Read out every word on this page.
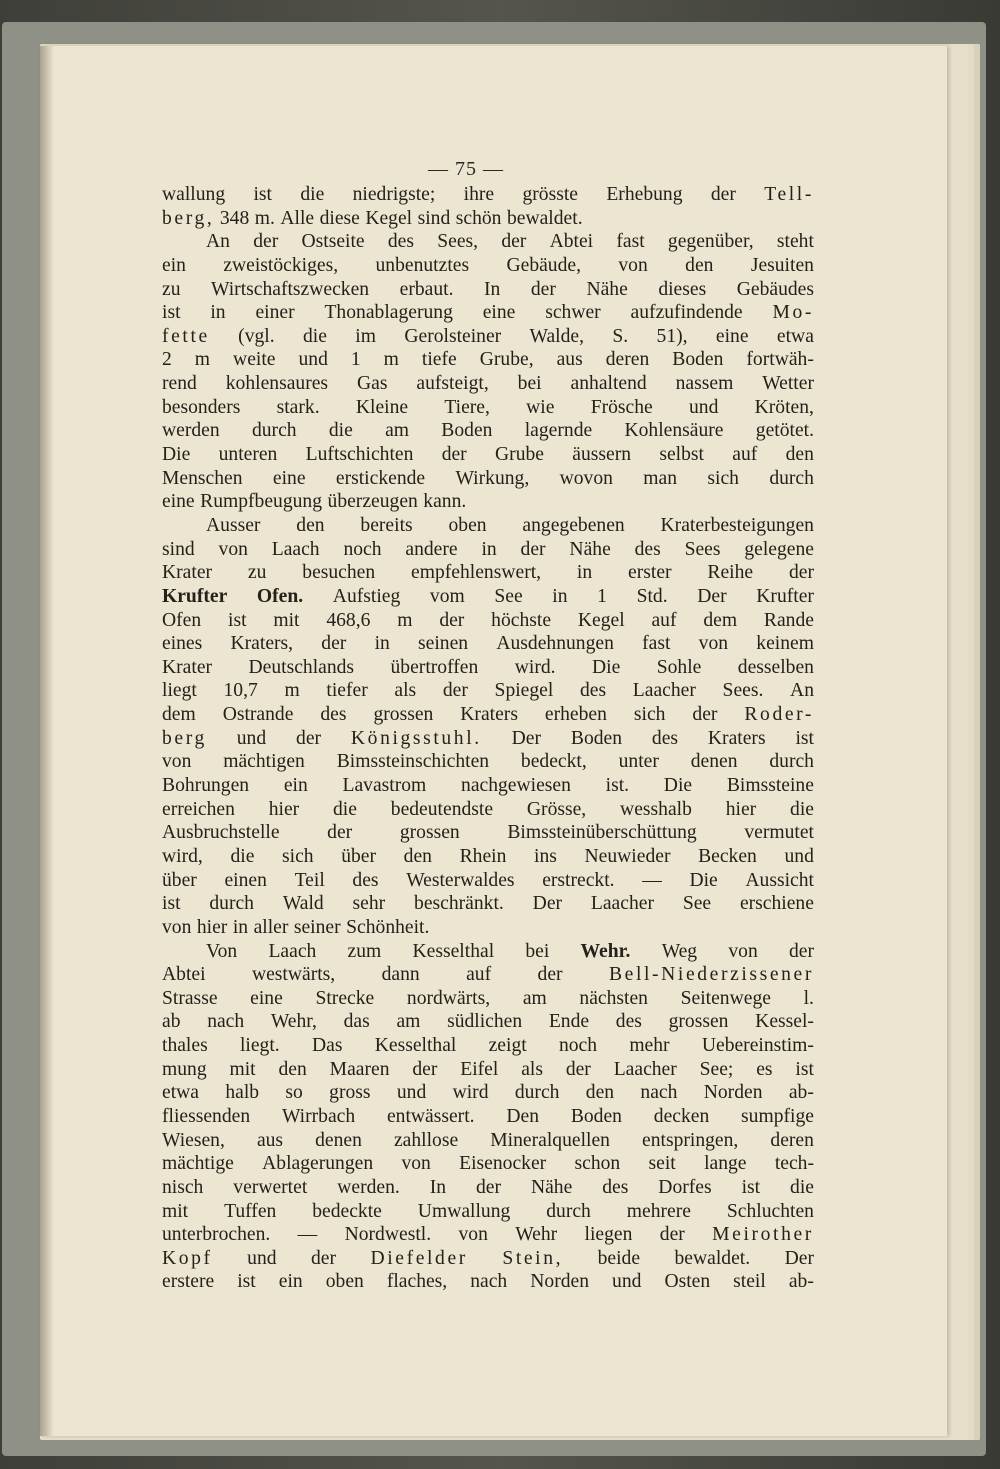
— 75 —
wallung ist die niedrigste; ihre grösste Erhebung der Tell-
berg, 348 m. Alle diese Kegel sind schön bewaldet.
An der Ostseite des Sees, der Abtei fast gegenüber, steht
ein zweistöckiges, unbenutztes Gebäude, von den Jesuiten
zu Wirtschaftszwecken erbaut. In der Nähe dieses Gebäudes
ist in einer Thonablagerung eine schwer aufzufindende Mo-
fette (vgl. die im Gerolsteiner Walde, S. 51), eine etwa
2 m weite und 1 m tiefe Grube, aus deren Boden fortwäh-
rend kohlensaures Gas aufsteigt, bei anhaltend nassem Wetter
besonders stark. Kleine Tiere, wie Frösche und Kröten,
werden durch die am Boden lagernde Kohlensäure getötet.
Die unteren Luftschichten der Grube äussern selbst auf den
Menschen eine erstickende Wirkung, wovon man sich durch
eine Rumpfbeugung überzeugen kann.
Ausser den bereits oben angegebenen Kraterbesteigungen
sind von Laach noch andere in der Nähe des Sees gelegene
Krater zu besuchen empfehlenswert, in erster Reihe der
Krufter Ofen. Aufstieg vom See in 1 Std. Der Krufter
Ofen ist mit 468,6 m der höchste Kegel auf dem Rande
eines Kraters, der in seinen Ausdehnungen fast von keinem
Krater Deutschlands übertroffen wird. Die Sohle desselben
liegt 10,7 m tiefer als der Spiegel des Laacher Sees. An
dem Ostrande des grossen Kraters erheben sich der Roder-
berg und der Königsstuhl. Der Boden des Kraters ist
von mächtigen Bimssteinschichten bedeckt, unter denen durch
Bohrungen ein Lavastrom nachgewiesen ist. Die Bimssteine
erreichen hier die bedeutendste Grösse, wesshalb hier die
Ausbruchstelle der grossen Bimssteinüberschüttung vermutet
wird, die sich über den Rhein ins Neuwieder Becken und
über einen Teil des Westerwaldes erstreckt. — Die Aussicht
ist durch Wald sehr beschränkt. Der Laacher See erschiene
von hier in aller seiner Schönheit.
Von Laach zum Kesselthal bei Wehr. Weg von der
Abtei westwärts, dann auf der Bell-Niederzissener
Strasse eine Strecke nordwärts, am nächsten Seitenwege l.
ab nach Wehr, das am südlichen Ende des grossen Kessel-
thales liegt. Das Kesselthal zeigt noch mehr Uebereinstim-
mung mit den Maaren der Eifel als der Laacher See; es ist
etwa halb so gross und wird durch den nach Norden ab-
fliessenden Wirrbach entwässert. Den Boden decken sumpfige
Wiesen, aus denen zahllose Mineralquellen entspringen, deren
mächtige Ablagerungen von Eisenocker schon seit lange tech-
nisch verwertet werden. In der Nähe des Dorfes ist die
mit Tuffen bedeckte Umwallung durch mehrere Schluchten
unterbrochen. — Nordwestl. von Wehr liegen der Meirother
Kopf und der Diefelder Stein, beide bewaldet. Der
erstere ist ein oben flaches, nach Norden und Osten steil ab-
